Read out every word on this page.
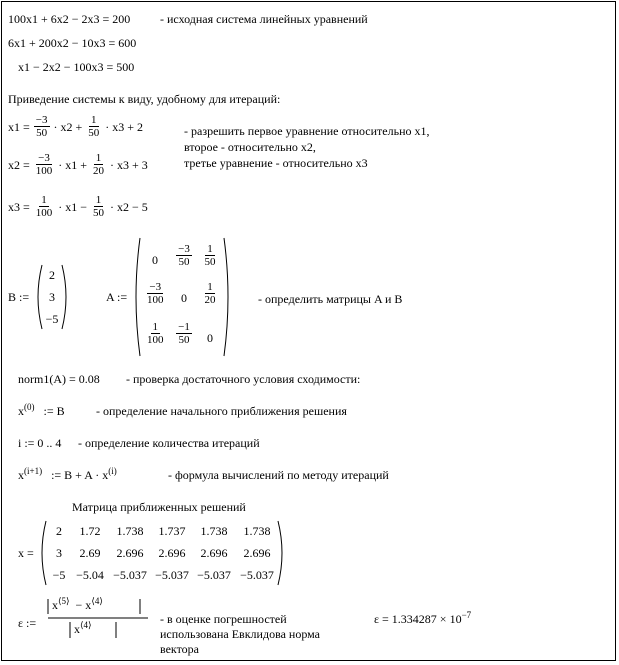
100x1 + 6x2 − 2x3 = 200 - исходная система линейных уравнений
6x1 + 200x2 − 10x3 = 600
x1 − 2x2 − 100x3 = 500
Приведение системы к виду, удобному для итераций:
x1 =
$\frac{-3}{50}$
· x2 +
$\frac{1}{50}$
· x3 + 2
x2 =
$\frac{-3}{100}$
· x1 +
$\frac{1}{20}$
· x3 + 3
x3 =
$\frac{1}{100}$
· x1 −
$\frac{1}{50}$
· x2 − 5
- разрешить первое уравнение относительно x1,
второе - относительно x2,
третье уравнение - относительно x3
B :=
2
3
−5
A :=
0	$\frac{-3}{50} \frac{1}{50}$
$\frac{-3}{100}$	0	$\frac{1}{20}$
$\frac{1}{100} \frac{-1}{50}$	0
- определить матрицы A и B
norm1(A) = 0.08 - проверка достаточного условия сходимости:
$x^{(0)}$ := B	- определение начального приближения решения
i := 0 .. 4 - определение количества итераций
$x^{(i+1)}$ := $B + A \cdot x^{(i)}$	- формула вычислений по методу итераций
Матрица приближенных решений
x =
2	1.72	1.738	1.737	1.738	1.738
3	2.69	2.696	2.696	2.696	2.696
−5 −5.04 −5.037 −5.037 −5.037 −5.037
ε :=
$x^{⟨5⟩} - x^{⟨4⟩}$
$x^{⟨4⟩}$	- в оценке погрешностей
использована Евклидова норма
вектора
$\varepsilon = 1.334287 \times 10^{-7}$
